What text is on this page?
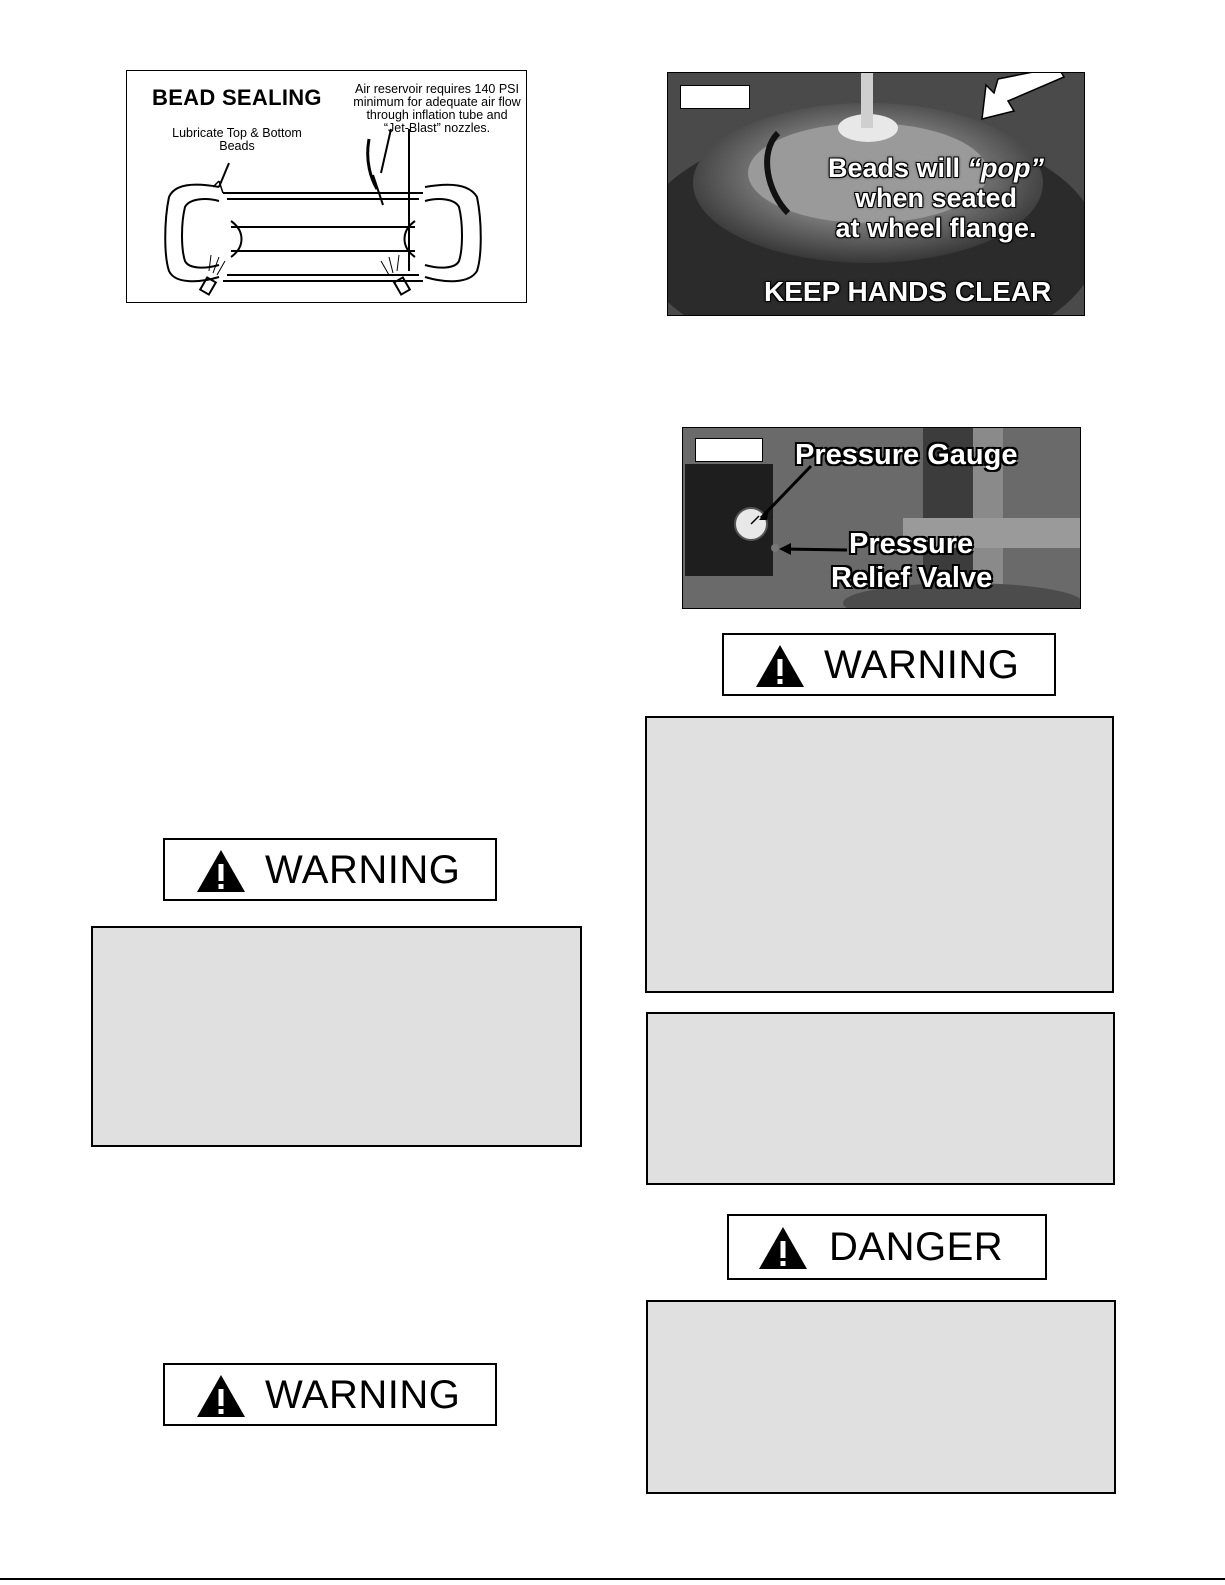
BEAD SEALING	Air reservoir requires 140 PSI minimum for adequate air flow through inflation tube and “Jet-Blast” nozzles.
Lubricate Top & Bottom Beads
Beads will “pop”
when seated
at wheel flange.
KEEP HANDS CLEAR
Pressure Gauge
Pressure
Relief Valve
WARNING
WARNING
WARNING
DANGER
